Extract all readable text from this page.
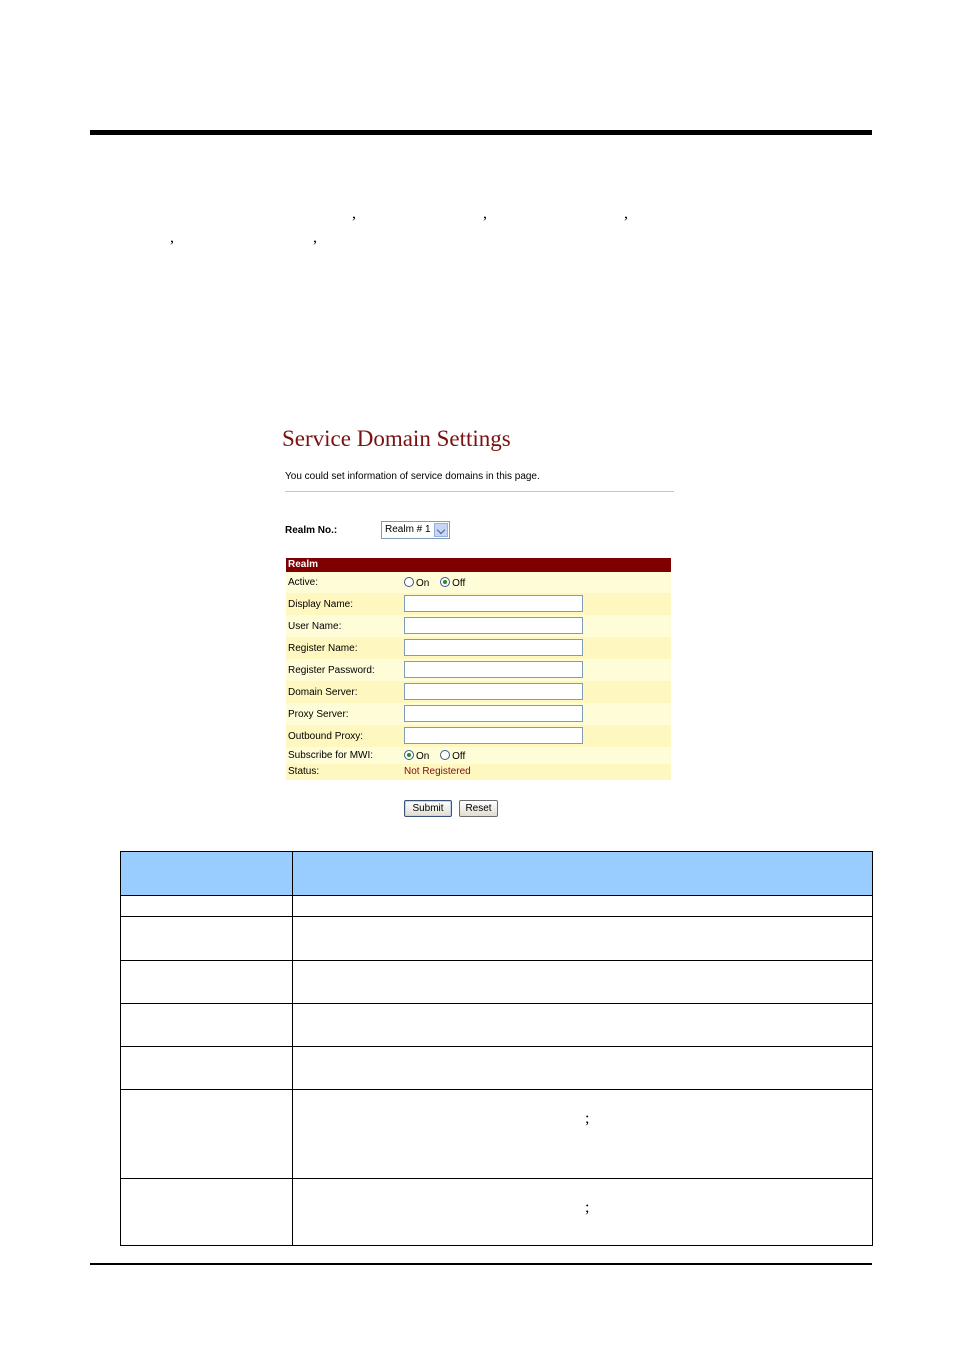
,	,	,
,	,
Service Domain Settings
You could set information of service domains in this page.
Realm No.:	Realm # 1
Realm
Active:	On Off
Display Name:
User Name:
Register Name:
Register Password:
Domain Server:
Proxy Server:
Outbound Proxy:
Subscribe for MWI:	On Off
Status:	Not Registered
Submit	Reset

	;

	;
